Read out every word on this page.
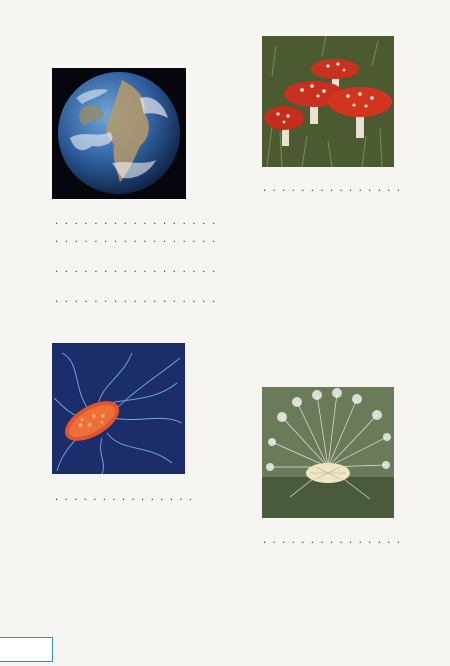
. . .
. . .
. . .
. . .
. . .
. . .
. . .
